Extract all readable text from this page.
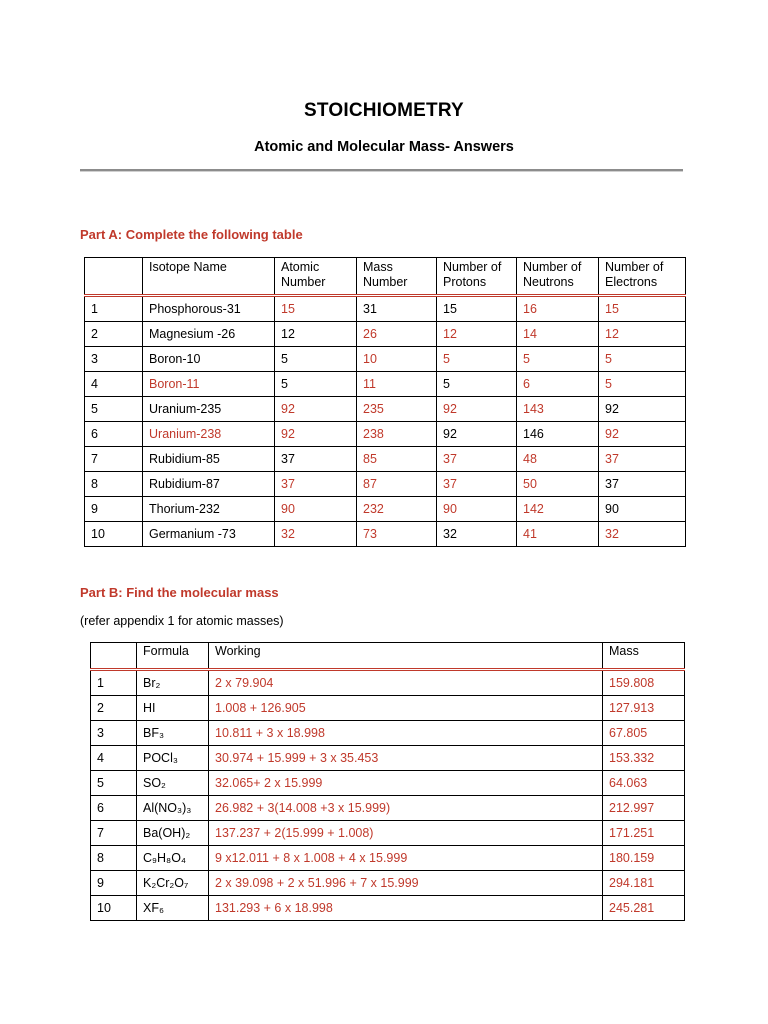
STOICHIOMETRY
Atomic and Molecular Mass- Answers
Part A: Complete the following table
	Isotope Name	Atomic Number	Mass Number	Number of Protons	Number of Neutrons	Number of Electrons
1	Phosphorous-31	15	31	15	16	15
2	Magnesium -26	12	26	12	14	12
3	Boron-10	5	10	5	5	5
4	Boron-11	5	11	5	6	5
5	Uranium-235	92	235	92	143	92
6	Uranium-238	92	238	92	146	92
7	Rubidium-85	37	85	37	48	37
8	Rubidium-87	37	87	37	50	37
9	Thorium-232	90	232	90	142	90
10	Germanium -73	32	73	32	41	32
Part B: Find the molecular mass
(refer appendix 1 for atomic masses)
	Formula	Working	Mass
1	Br₂	2 x 79.904	159.808
2	HI	1.008 + 126.905	127.913
3	BF₃	10.811 + 3 x 18.998	67.805
4	POCl₃	30.974 + 15.999 + 3 x 35.453	153.332
5	SO₂	32.065+ 2 x 15.999	64.063
6	Al(NO₃)₃	26.982 + 3(14.008 +3 x 15.999)	212.997
7	Ba(OH)₂	137.237 + 2(15.999 + 1.008)	171.251
8	C₉H₈O₄	9 x12.011 + 8 x 1.008 + 4 x 15.999	180.159
9	K₂Cr₂O₇	2 x 39.098 + 2 x 51.996 + 7 x 15.999	294.181
10	XF₆	131.293 + 6 x 18.998	245.281
